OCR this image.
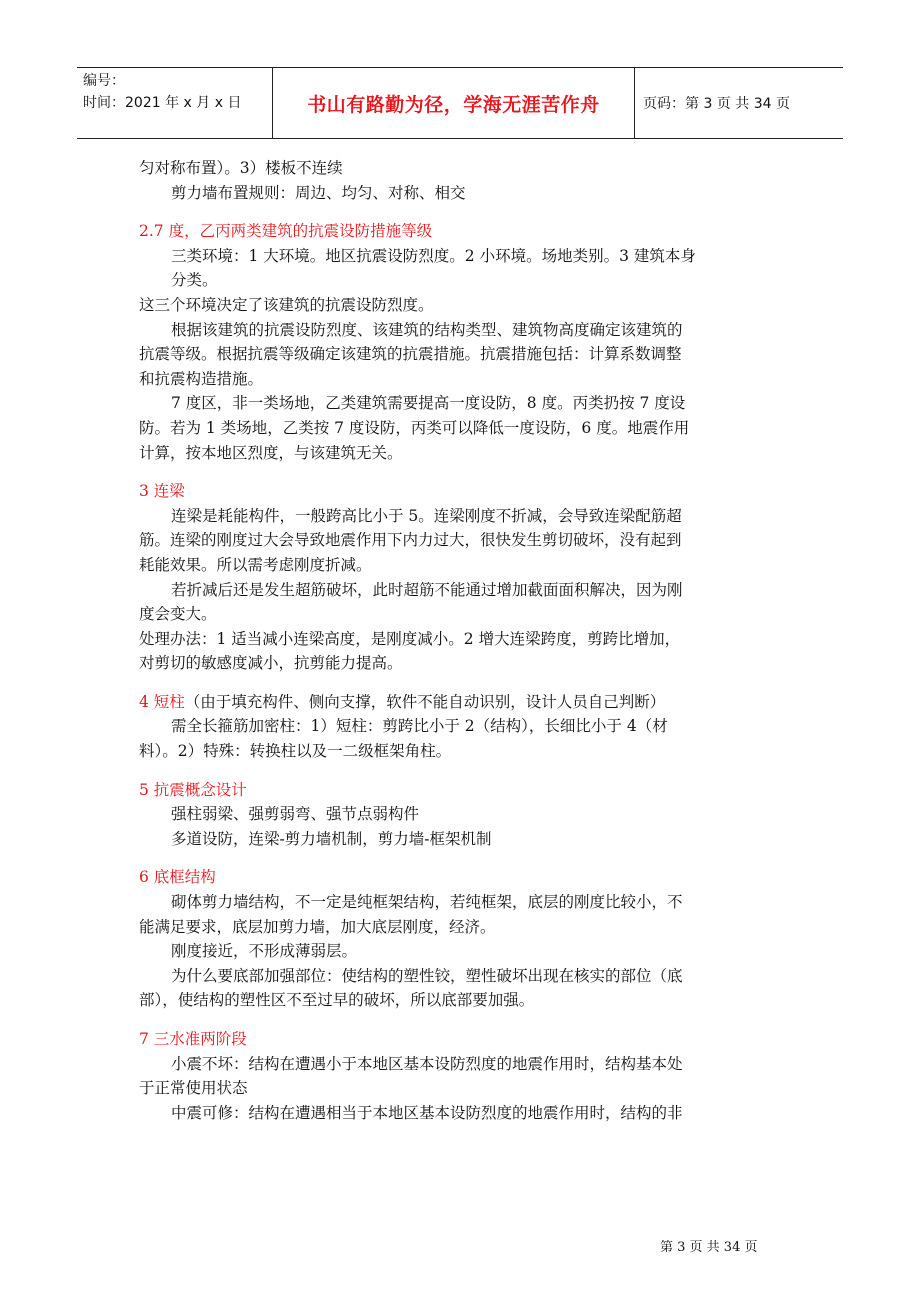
编号：
时间：2021 年 x 月 x 日	书山有路勤为径，学海无涯苦作舟	页码：第 3 页 共 34 页
匀对称布置）。3）楼板不连续
剪力墙布置规则：周边、均匀、对称、相交
2.7 度，乙丙两类建筑的抗震设防措施等级
三类环境：1 大环境。地区抗震设防烈度。2 小环境。场地类别。3 建筑本身
分类。
这三个环境决定了该建筑的抗震设防烈度。
根据该建筑的抗震设防烈度、该建筑的结构类型、建筑物高度确定该建筑的
抗震等级。根据抗震等级确定该建筑的抗震措施。抗震措施包括：计算系数调整
和抗震构造措施。
7 度区，非一类场地，乙类建筑需要提高一度设防，8 度。丙类扔按 7 度设
防。若为 1 类场地，乙类按 7 度设防，丙类可以降低一度设防，6 度。地震作用
计算，按本地区烈度，与该建筑无关。
3 连梁
连梁是耗能构件，一般跨高比小于 5。连梁刚度不折减，会导致连梁配筋超
筋。连梁的刚度过大会导致地震作用下内力过大，很快发生剪切破坏，没有起到
耗能效果。所以需考虑刚度折减。
若折减后还是发生超筋破坏，此时超筋不能通过增加截面面积解决，因为刚
度会变大。
处理办法：1 适当减小连梁高度，是刚度减小。2 增大连梁跨度，剪跨比增加，
对剪切的敏感度减小，抗剪能力提高。
4 短柱（由于填充构件、侧向支撑，软件不能自动识别，设计人员自己判断）
需全长箍筋加密柱：1）短柱：剪跨比小于 2（结构），长细比小于 4（材
料）。2）特殊：转换柱以及一二级框架角柱。
5 抗震概念设计
强柱弱梁、强剪弱弯、强节点弱构件
多道设防，连梁-剪力墙机制，剪力墙-框架机制
6 底框结构
砌体剪力墙结构，不一定是纯框架结构，若纯框架，底层的刚度比较小，不
能满足要求，底层加剪力墙，加大底层刚度，经济。
刚度接近，不形成薄弱层。
为什么要底部加强部位：使结构的塑性铰，塑性破坏出现在核实的部位（底
部），使结构的塑性区不至过早的破坏，所以底部要加强。
7 三水准两阶段
小震不坏：结构在遭遇小于本地区基本设防烈度的地震作用时，结构基本处
于正常使用状态
中震可修：结构在遭遇相当于本地区基本设防烈度的地震作用时，结构的非
第 3 页 共 34 页
